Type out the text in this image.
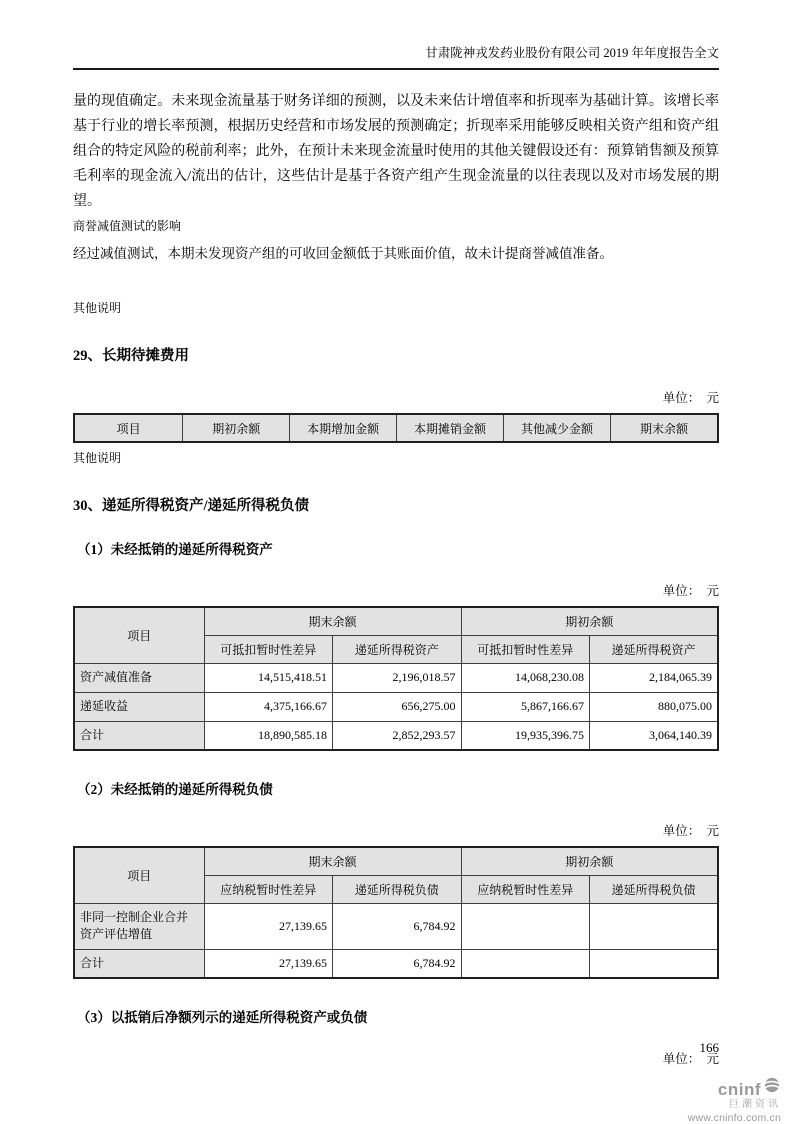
甘肃陇神戎发药业股份有限公司 2019 年年度报告全文

量的现值确定。未来现金流量基于财务详细的预测，以及未来估计增值率和折现率为基础计算。该增长率基于行业的增长率预测，根据历史经营和市场发展的预测确定；折现率采用能够反映相关资产组和资产组组合的特定风险的税前利率；此外，在预计未来现金流量时使用的其他关键假设还有：预算销售额及预算毛利率的现金流入/流出的估计，这些估计是基于各资产组产生现金流量的以往表现以及对市场发展的期望。

商誉减值测试的影响

经过减值测试，本期未发现资产组的可收回金额低于其账面价值，故未计提商誉减值准备。

其他说明
29、长期待摊费用
单位：　元
项目	期初余额	本期增加金额	本期摊销金额	其他减少金额	期末余额
其他说明
30、递延所得税资产/递延所得税负债
（1）未经抵销的递延所得税资产
单位：　元
项目	期末余额		期初余额	
	可抵扣暂时性差异	递延所得税资产	可抵扣暂时性差异	递延所得税资产
资产减值准备	14,515,418.51	2,196,018.57	14,068,230.08	2,184,065.39
递延收益	4,375,166.67	656,275.00	5,867,166.67	880,075.00
合计	18,890,585.18	2,852,293.57	19,935,396.75	3,064,140.39
（2）未经抵销的递延所得税负债
单位：　元
项目	期末余额		期初余额	
	应纳税暂时性差异	递延所得税负债	应纳税暂时性差异	递延所得税负债
非同一控制企业合并资产评估增值	27,139.65	6,784.92		
合计	27,139.65	6,784.92		
（3）以抵销后净额列示的递延所得税资产或负债
单位：　元
166
cninf
巨潮资讯
www.cninfo.com.cn
